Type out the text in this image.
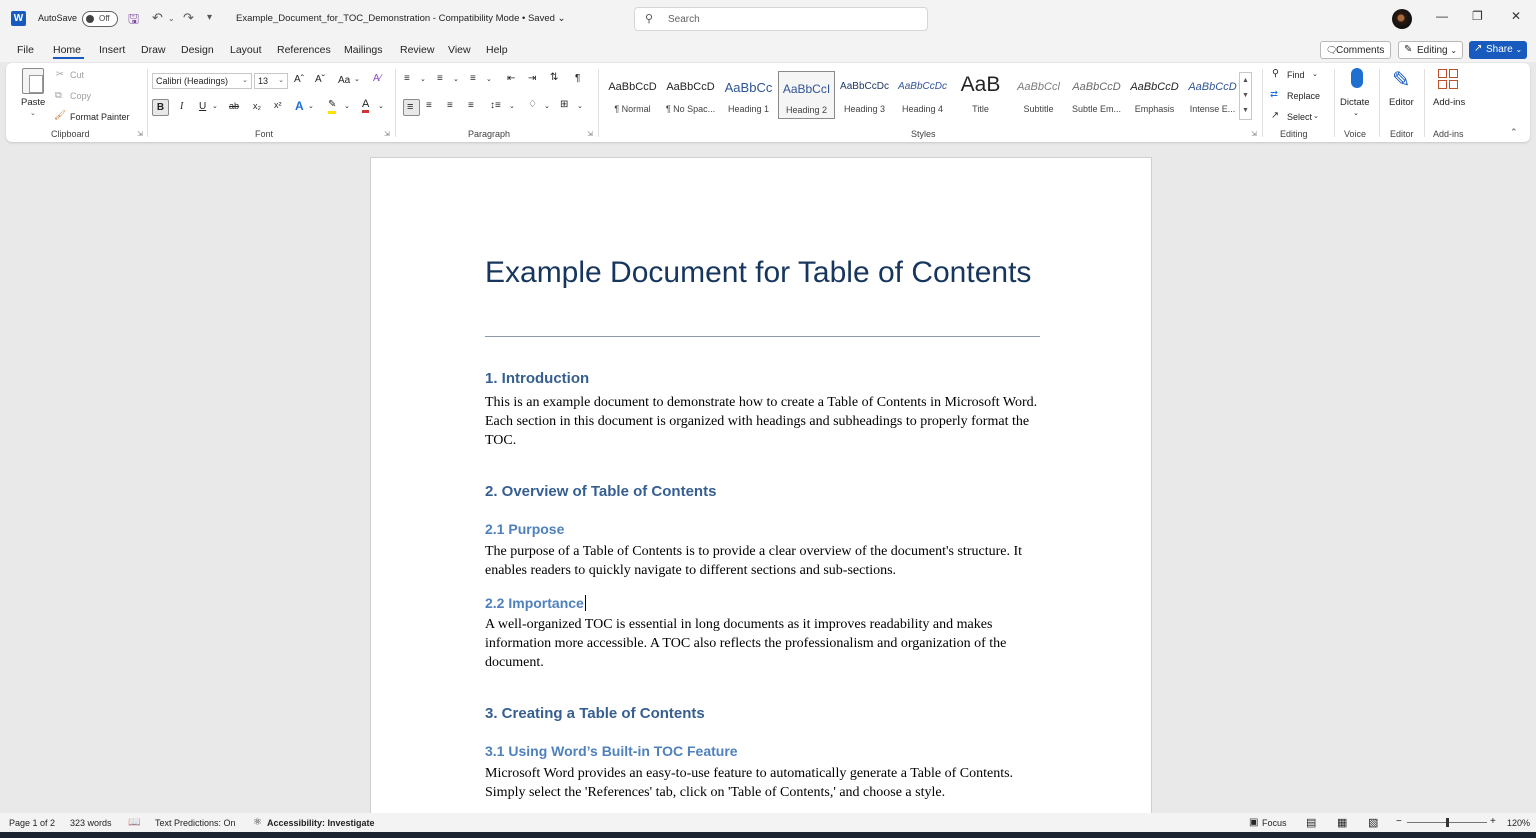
W	AutoSave	Off 🖫 ↶ ⌄ ↷ ▾	Example_Document_for_TOC_Demonstration - Compatibility Mode • Saved ⌄	⚲ Search	— ❐ ✕
File Home Insert Draw Design Layout References Mailings Review View Help	🗨
Comments	✎ Editing ⌄	↗ Share ⌄
Paste
⌄
✂ Cut
⧉ Copy
🖌 Format Painter
Clipboard	⇲
Calibri (Headings) ⌄	13 ⌄ Aˆ Aˇ Aa ⌄ A∕
B	I U ⌄ ab x₂ x² A ⌄ ✎ ⌄ A ⌄
Font	⇲
≡ ⌄ ≡ ⌄ ≡ ⌄ ⇤ ⇥ ⇅ ¶
≡ ≡ ≡ ≡ ↕≡ ⌄ ♢ ⌄ ⊞ ⌄
Paragraph	⇲
AaBbCcD
¶ Normal
AaBbCcD
¶ No Spac...
AaBbCc
Heading 1
AaBbCcI
Heading 2
AaBbCcDc
Heading 3
AaBbCcDc
Heading 4
AaB
Title
AaBbCcl
Subtitle
AaBbCcD
Subtle Em...
AaBbCcD
Emphasis
AaBbCcD
Intense E...
▲
▼
▼
Styles	⇲
⚲ Find ⌄
⇄ Replace
↗ Select ⌄
Editing
Dictate
⌄
Voice
✎
Editor
Editor
Add-ins
Add-ins	⌃
Example Document for Table of Contents
1. Introduction
This is an example document to demonstrate how to create a Table of Contents in Microsoft Word. Each section in this document is organized with headings and subheadings to properly format the TOC.
2. Overview of Table of Contents
2.1 Purpose
The purpose of a Table of Contents is to provide a clear overview of the document's structure. It enables readers to quickly navigate to different sections and sub-sections.
2.2 Importance
A well-organized TOC is essential in long documents as it improves readability and makes information more accessible. A TOC also reflects the professionalism and organization of the document.
3. Creating a Table of Contents
3.1 Using Word’s Built-in TOC Feature
Microsoft Word provides an easy-to-use feature to automatically generate a Table of Contents. Simply select the 'References' tab, click on 'Table of Contents,' and choose a style.
Page 1 of 2 323 words 📖 Text Predictions: On ⚛ Accessibility: Investigate	▣ Focus ▤ ▦ ▧ −	+ 120%
